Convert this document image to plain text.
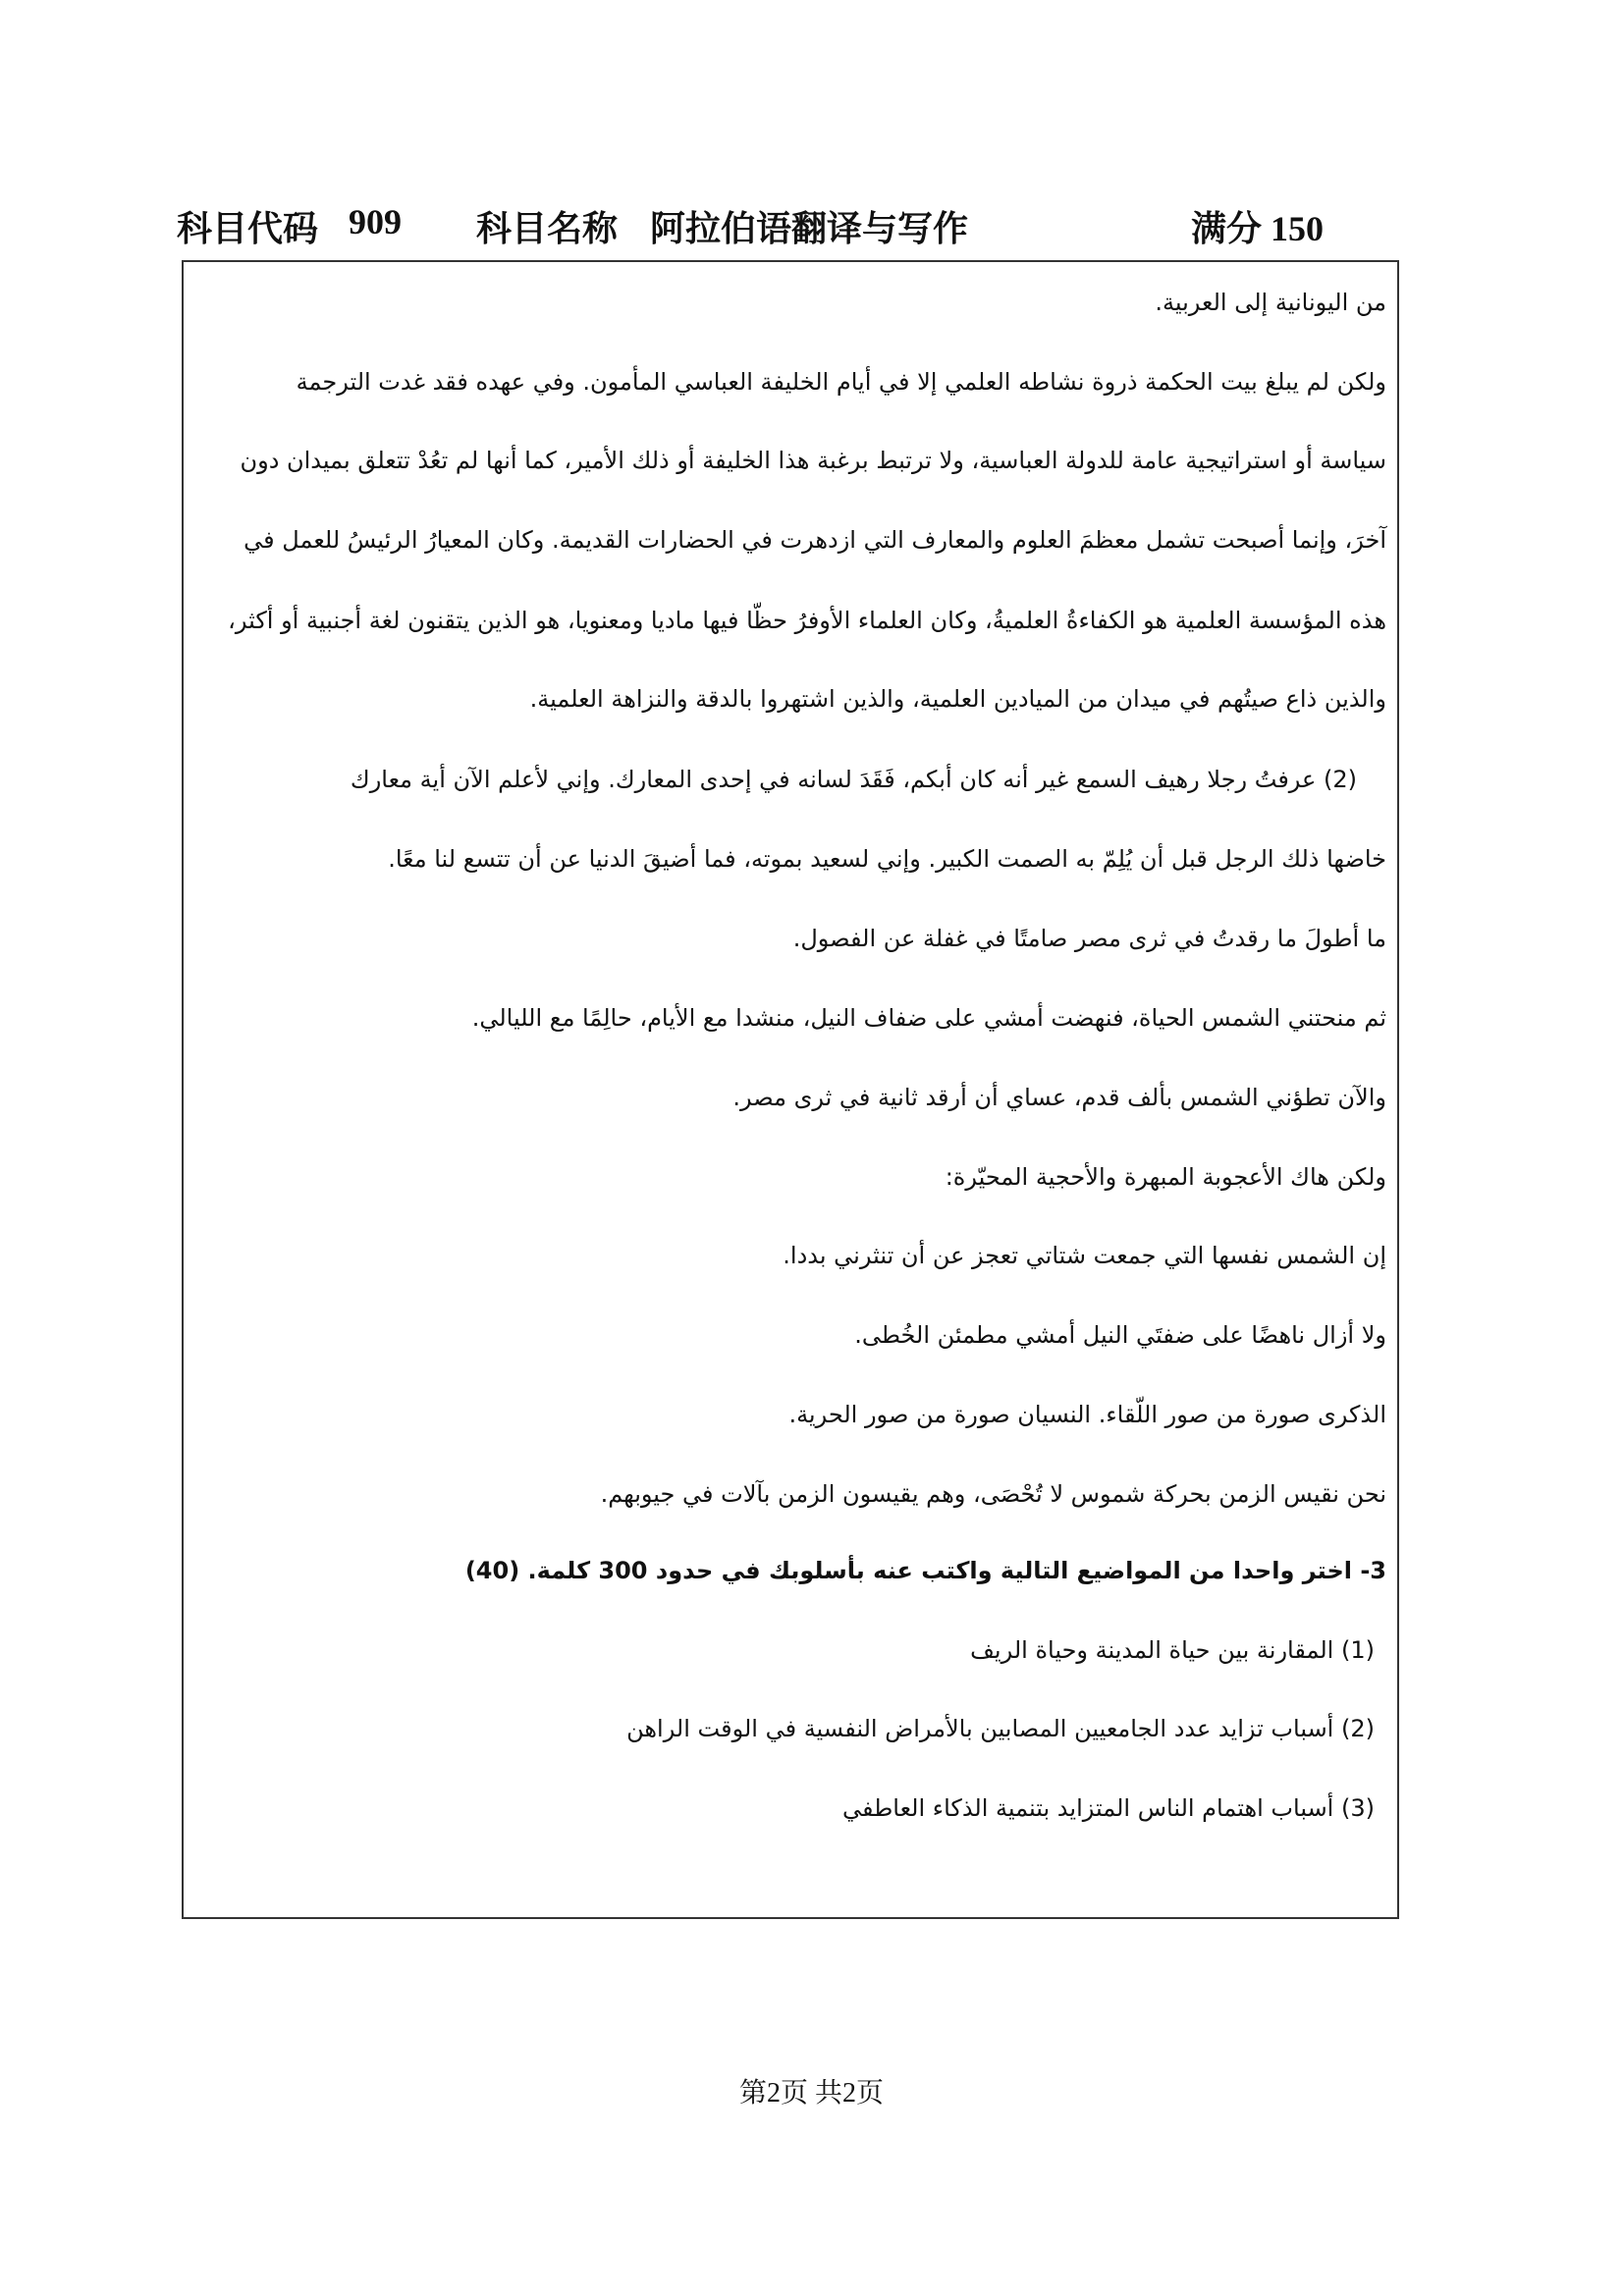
科目代码 909 科目名称 阿拉伯语翻译与写作	满分 150
من اليونانية إلى العربية.
ولكن لم يبلغ بيت الحكمة ذروة نشاطه العلمي إلا في أيام الخليفة العباسي المأمون. وفي عهده فقد غدت الترجمة
سياسة أو استراتيجية عامة للدولة العباسية، ولا ترتبط برغبة هذا الخليفة أو ذلك الأمير، كما أنها لم تعُدْ تتعلق بميدان دون
آخرَ، وإنما أصبحت تشمل معظمَ العلوم والمعارف التي ازدهرت في الحضارات القديمة. وكان المعيارُ الرئيسُ للعمل في
هذه المؤسسة العلمية هو الكفاءةُ العلميةُ، وكان العلماء الأوفرُ حظّا فيها ماديا ومعنويا، هو الذين يتقنون لغة أجنبية أو أكثر،
والذين ذاع صيتُهم في ميدان من الميادين العلمية، والذين اشتهروا بالدقة والنزاهة العلمية.
(2) عرفتُ رجلا رهيف السمع غير أنه كان أبكم، فَقَدَ لسانه في إحدى المعارك. وإني لأعلم الآن أية معارك
خاضها ذلك الرجل قبل أن يُلِمّ به الصمت الكبير. وإني لسعيد بموته، فما أضيقَ الدنيا عن أن تتسع لنا معًا.
ما أطولَ ما رقدتُ في ثرى مصر صامتًا في غفلة عن الفصول.
ثم منحتني الشمس الحياة، فنهضت أمشي على ضفاف النيل، منشدا مع الأيام، حالِمًا مع الليالي.
والآن تطؤني الشمس بألف قدم، عساي أن أرقد ثانية في ثرى مصر.
ولكن هاك الأعجوبة المبهرة والأحجية المحيّرة:
إن الشمس نفسها التي جمعت شتاتي تعجز عن أن تنثرني بددا.
ولا أزال ناهضًا على ضفتَي النيل أمشي مطمئن الخُطى.
الذكرى صورة من صور اللّقاء. النسيان صورة من صور الحرية.
نحن نقيس الزمن بحركة شموس لا تُحْصَى، وهم يقيسون الزمن بآلات في جيوبهم.
3- اختر واحدا من المواضيع التالية واكتب عنه بأسلوبك في حدود 300 كلمة. (40)
(1) المقارنة بين حياة المدينة وحياة الريف
(2) أسباب تزايد عدد الجامعيين المصابين بالأمراض النفسية في الوقت الراهن
(3) أسباب اهتمام الناس المتزايد بتنمية الذكاء العاطفي
第2页 共2页
